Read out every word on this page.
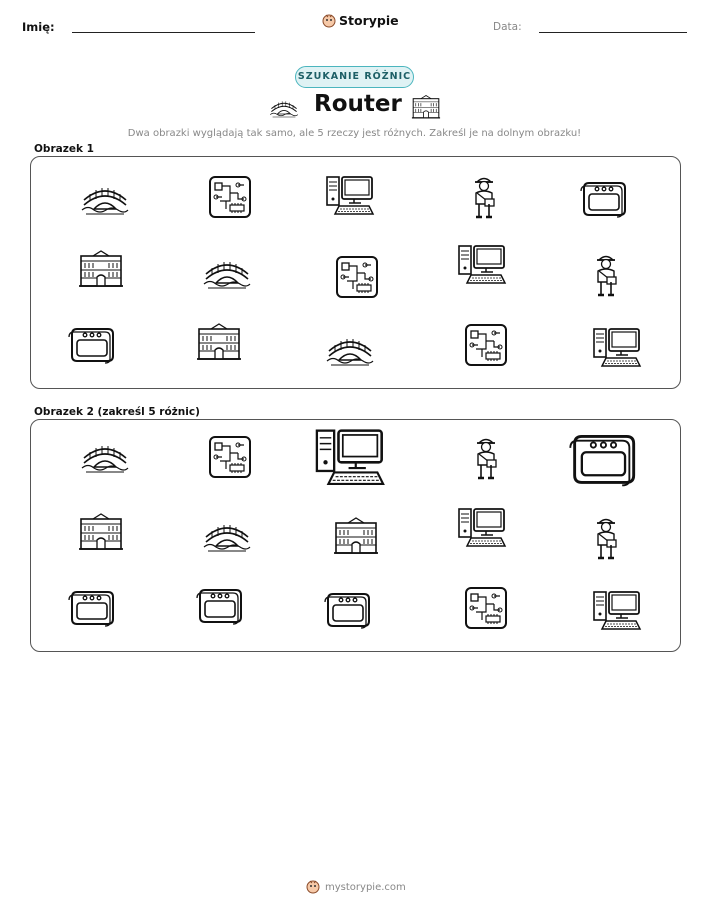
Imię:	Storypie	Data:
SZUKANIE RÓŻNIC
Router
Dwa obrazki wyglądają tak samo, ale 5 rzeczy jest różnych. Zakreśl je na dolnym obrazku!
Obrazek 1
Obrazek 2 (zakreśl 5 różnic)
mystorypie.com
